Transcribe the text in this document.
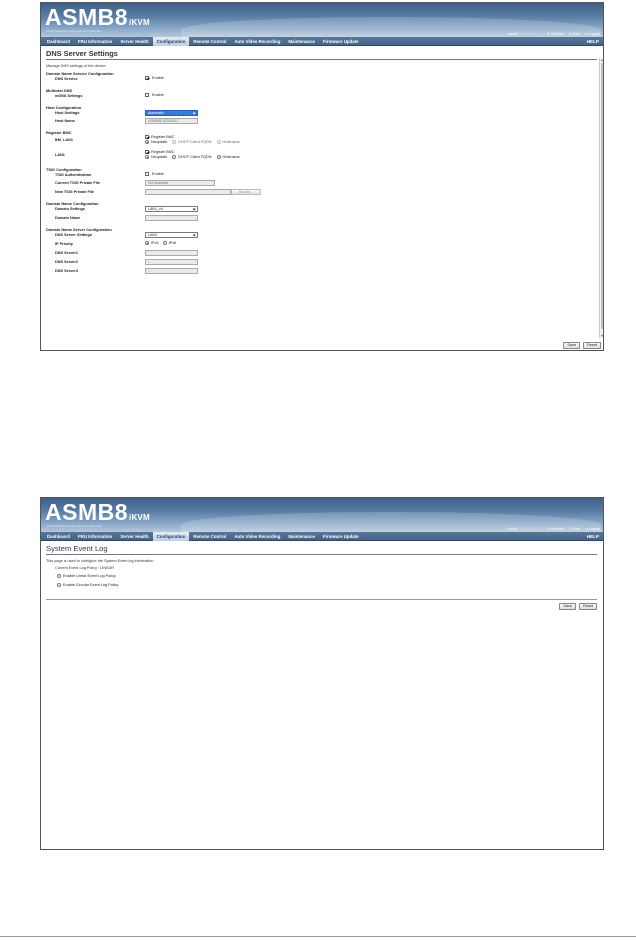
ASMB8iKVM
ASUS Baseboard Management Controller
• admin (Administrator) ⟳ Refresh ⎙ Print ➜ Logout
Dashboard	FRU Information	Server Health	Configuration	Remote Control	Auto Video Recording	Maintenance	Firmware Update	HELP
DNS Server Settings
Manage DNS settings of the device.
Domain Name Service Configuration
DNS Service	Enable
Multicast DNS
mDNS Settings	Enable
Host Configuration
Host Settings	Automatic
Host Name	ASMB8E1E2A301C
Register BMC
BM_LAN1
Register BMC
Nsupdate	DHCP Client FQDN	Hostname
LAN1
Register BMC
Nsupdate	DHCP Client FQDN	Hostname
TSIG Configuration
TSIG Authentication	Enable
Current TSIG Private File	Not Available
New TSIG Private File	Browse...
Domain Name Configuration
Domain Settings	LAN1_v4
Domain Name
Domain Name Server Configuration
DNS Server Settings	LAN1
IP Priority	IPv4	IPv6
DNS Server1
DNS Server2	::
DNS Server3	::
Save	Reset
ASMB8iKVM
ASUS Baseboard Management Controller
• admin (Administrator) ⟳ Refresh ⎙ Print ➜ Logout
Dashboard	FRU Information	Server Health	Configuration	Remote Control	Auto Video Recording	Maintenance	Firmware Update	HELP
System Event Log
This page is used to configure the System Event log information.
Current Event Log Policy : LINEAR
Enable Linear Event Log Policy
Enable Circular Event Log Policy
Save	Reset
